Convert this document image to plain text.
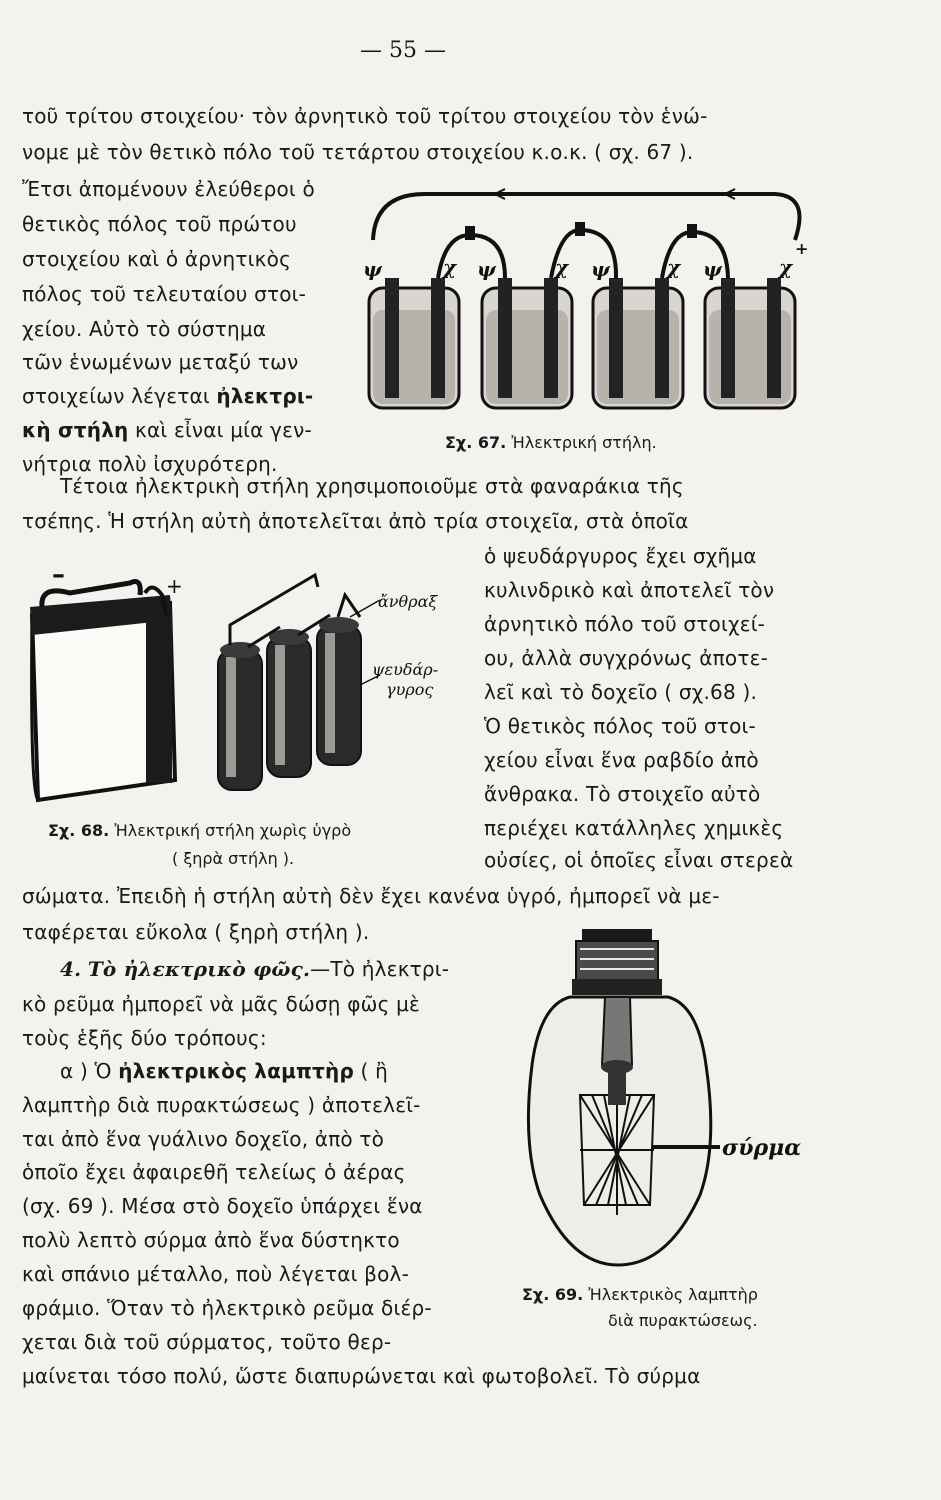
— 55 —
τοῦ τρίτου στοιχείου· τὸν ἀρνητικὸ τοῦ τρίτου στοιχείου τὸν ἑνώ-
νομε μὲ τὸν θετικὸ πόλο τοῦ τετάρτου στοιχείου κ.ο.κ. ( σχ. 67 ).
Ἔτσι ἀπομένουν ἐλεύθεροι ὁ
θετικὸς πόλος τοῦ πρώτου
στοιχείου καὶ ὁ ἀρνητικὸς
πόλος τοῦ τελευταίου στοι-
χείου. Αὐτὸ τὸ σύστημα
τῶν ἑνωμένων μεταξύ των
στοιχείων λέγεται ἠλεκτρι-
κὴ στήλη καὶ εἶναι μία γεν-
νήτρια πολὺ ἰσχυρότερη.
ψ	χ ψ	χ ψ	χ ψ	χ
+
Σχ. 67. Ἠλεκτρική στήλη.
Τέτοια ἠλεκτρικὴ στήλη χρησιμοποιοῦμε στὰ φαναράκια τῆς
τσέπης. Ἡ στήλη αὐτὴ ἀποτελεῖται ἀπὸ τρία στοιχεῖα, στὰ ὁποῖα
ὁ ψευδάργυρος ἔχει σχῆμα
κυλινδρικὸ καὶ ἀποτελεῖ τὸν
ἀρνητικὸ πόλο τοῦ στοιχεί-
ου, ἀλλὰ συγχρόνως ἀποτε-
λεῖ καὶ τὸ δοχεῖο ( σχ.68 ).
Ὁ θετικὸς πόλος τοῦ στοι-
χείου εἶναι ἕνα ραβδίο ἀπὸ
ἄνθρακα. Τὸ στοιχεῖο αὐτὸ
περιέχει κατάλληλες χημικὲς
οὐσίες, οἱ ὁποῖες εἶναι στερεὰ
–	+
ἄνθραξ
ψευδάρ-
γυρος
Σχ. 68. Ἠλεκτρική στήλη χωρὶς ὑγρὸ
( ξηρὰ στήλη ).
σώματα. Ἐπειδὴ ἡ στήλη αὐτὴ δὲν ἔχει κανένα ὑγρό, ἠμπορεῖ νὰ με-
ταφέρεται εὔκολα ( ξηρὴ στήλη ).
4. Τὸ ἠλεκτρικὸ φῶς.—Τὸ ἠλεκτρι-
κὸ ρεῦμα ἠμπορεῖ νὰ μᾶς δώσῃ φῶς μὲ
τοὺς ἑξῆς δύο τρόπους:
α ) Ὁ ἠλεκτρικὸς λαμπτὴρ ( ἢ
λαμπτὴρ διὰ πυρακτώσεως ) ἀποτελεῖ-
ται ἀπὸ ἕνα γυάλινο δοχεῖο, ἀπὸ τὸ
ὁποῖο ἔχει ἀφαιρεθῆ τελείως ὁ ἀέρας
(σχ. 69 ). Μέσα στὸ δοχεῖο ὑπάρχει ἕνα
πολὺ λεπτὸ σύρμα ἀπὸ ἕνα δύστηκτο
καὶ σπάνιο μέταλλο, ποὺ λέγεται βολ-
φράμιο. Ὅταν τὸ ἠλεκτρικὸ ρεῦμα διέρ-
χεται διὰ τοῦ σύρματος, τοῦτο θερ-
σύρμα
Σχ. 69. Ἠλεκτρικὸς λαμπτὴρ
διὰ πυρακτώσεως.
μαίνεται τόσο πολύ, ὥστε διαπυρώνεται καὶ φωτοβολεῖ. Τὸ σύρμα
